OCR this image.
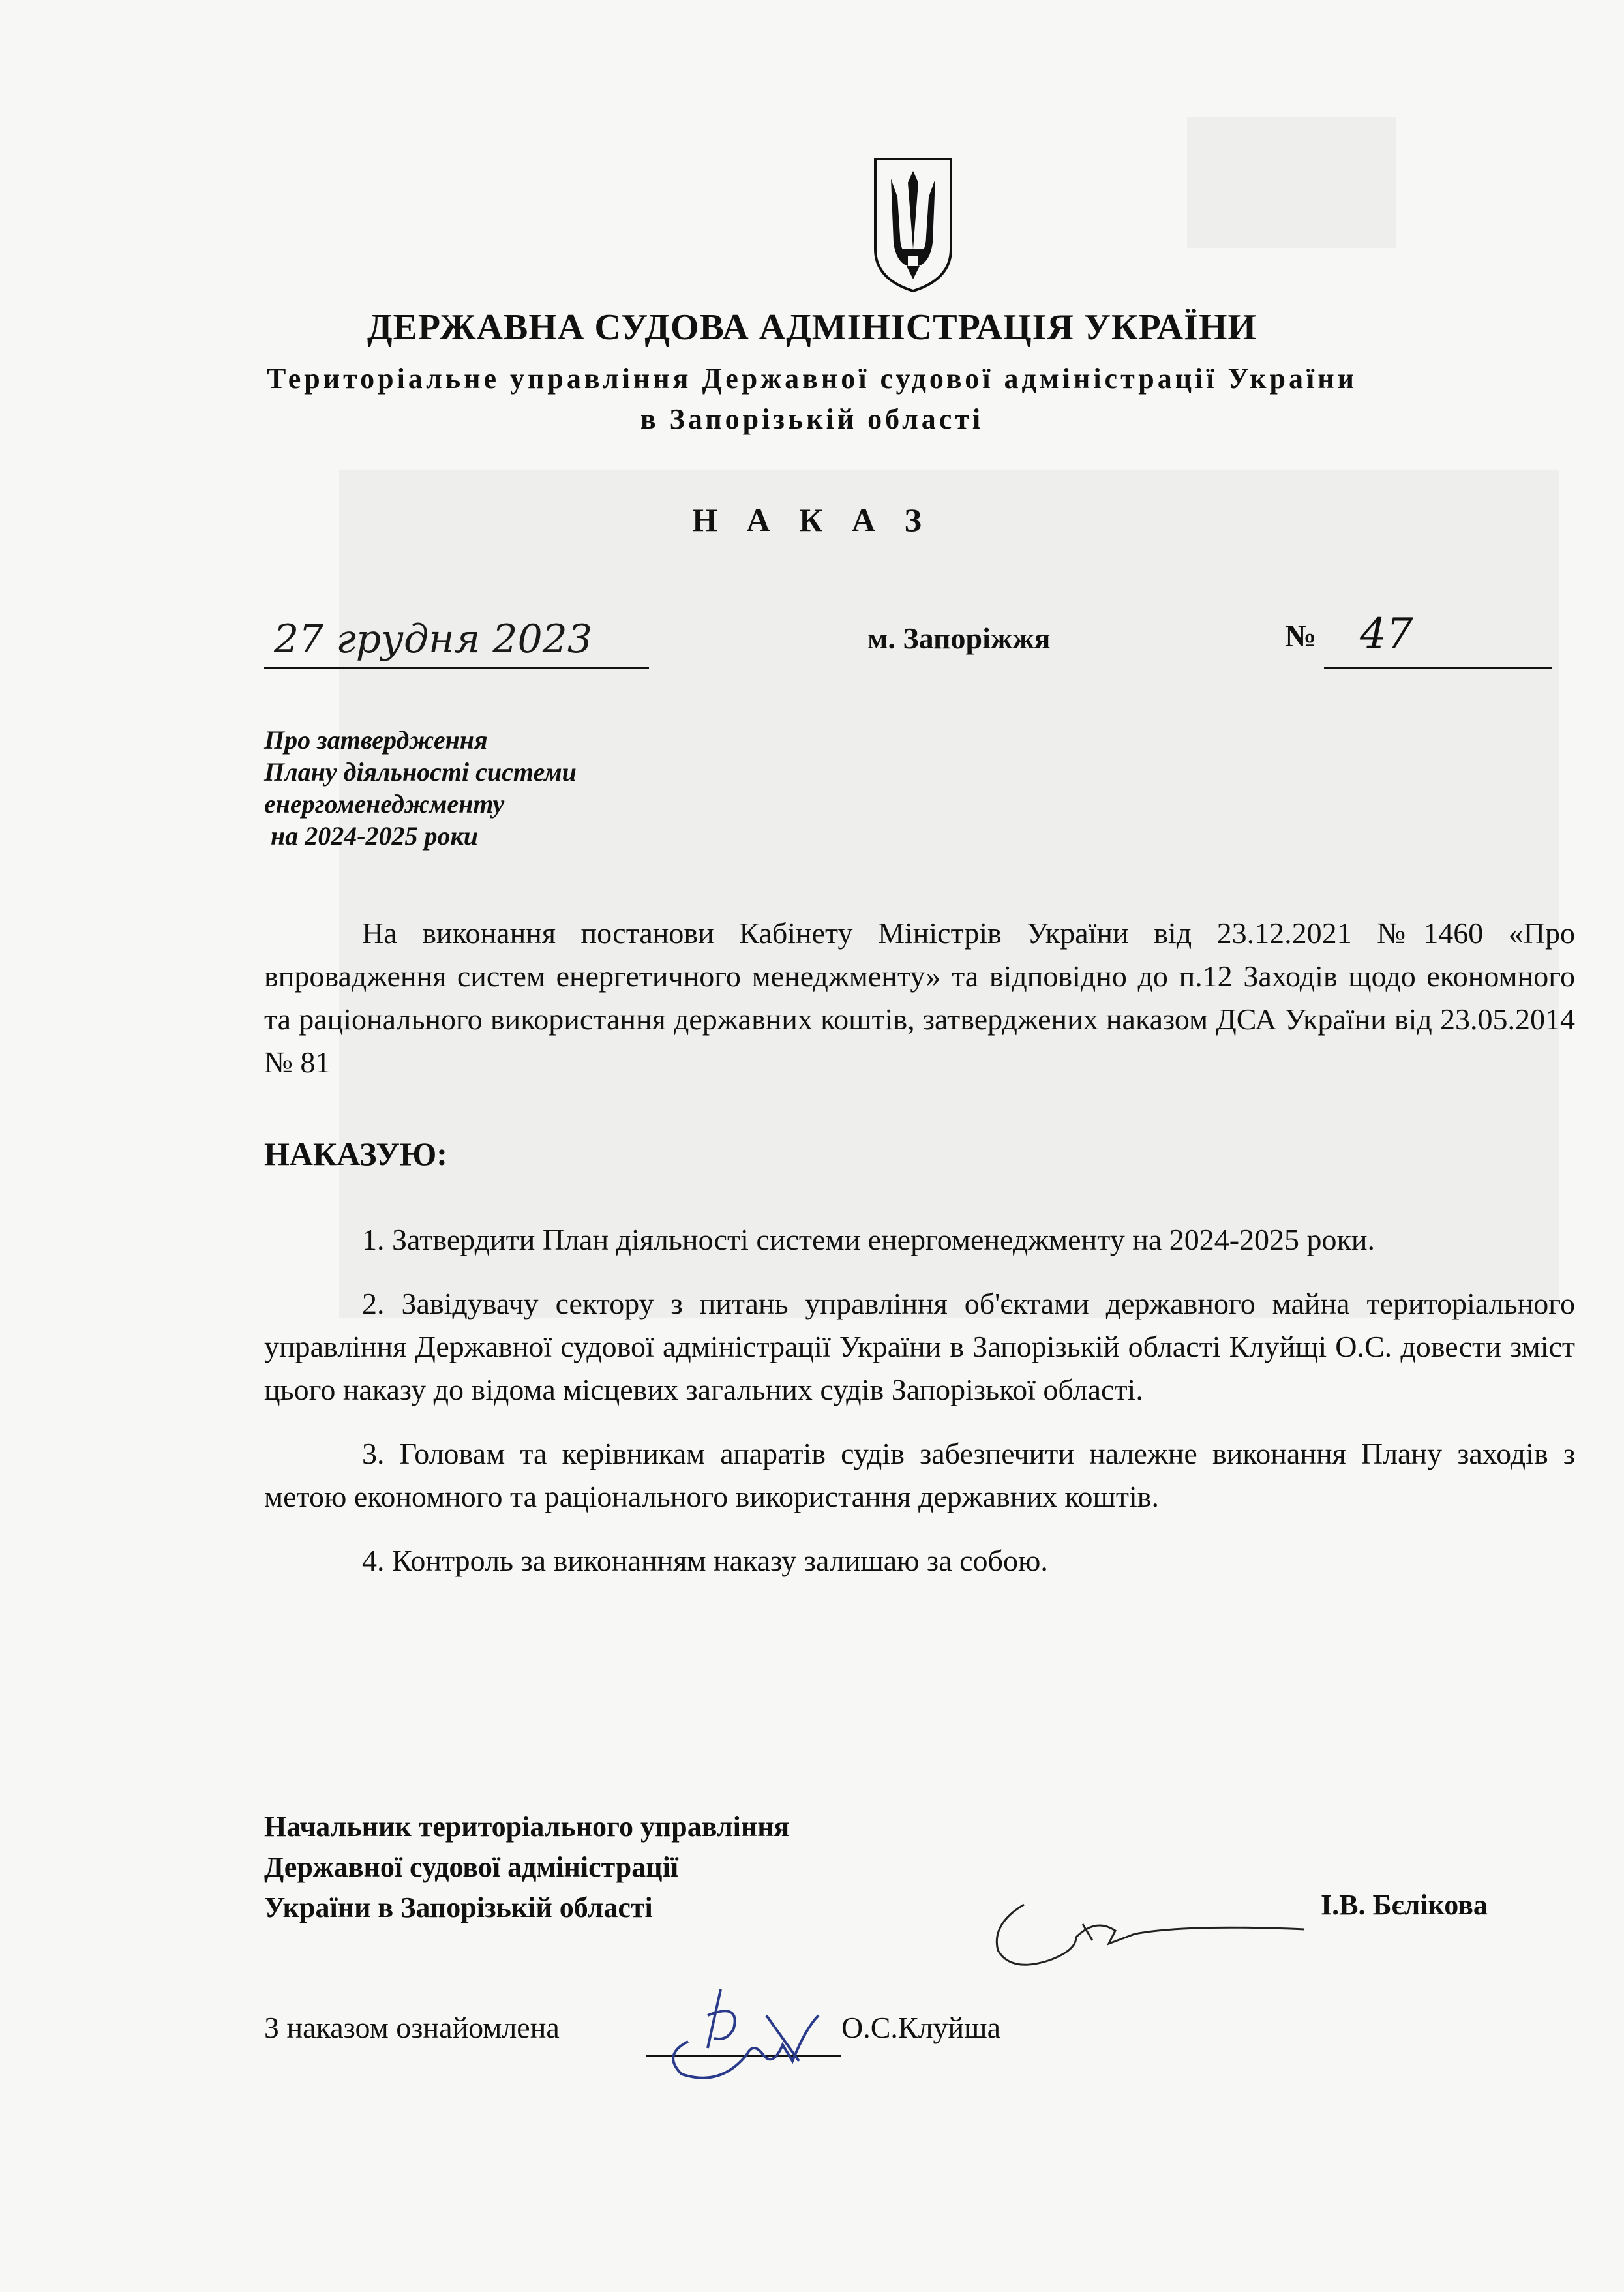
ДЕРЖАВНА СУДОВА АДМІНІСТРАЦІЯ УКРАЇНИ
Територіальне управління Державної судової адміністрації України
в Запорізькій області
Н А К А З
27 грудня 2023	м. Запоріжжя	№ 47
Про затвердження
Плану діяльності системи
енергоменеджменту
на 2024-2025 роки

На виконання постанови Кабінету Міністрів України від 23.12.2021 №1460 «Про впровадження систем енергетичного менеджменту» та відповідно до п.12 Заходів щодо економного та раціонального використання державних коштів, затверджених наказом ДСА України від 23.05.2014 № 81

НАКАЗУЮ:

1. Затвердити План діяльності системи енергоменеджменту на 2024-2025 роки.

2. Завідувачу сектору з питань управління об'єктами державного майна територіального управління Державної судової адміністрації України в Запорізькій області Клуйщі О.С. довести зміст цього наказу до відома місцевих загальних судів Запорізької області.

3. Головам та керівникам апаратів судів забезпечити належне виконання Плану заходів з метою економного та раціонального використання державних коштів.

4. Контроль за виконанням наказу залишаю за собою.

Начальник територіального управління
Державної судової адміністрації
України в Запорізькій області	І.В. Бєлікова
З наказом ознайомлена	О.С.Клуйша
